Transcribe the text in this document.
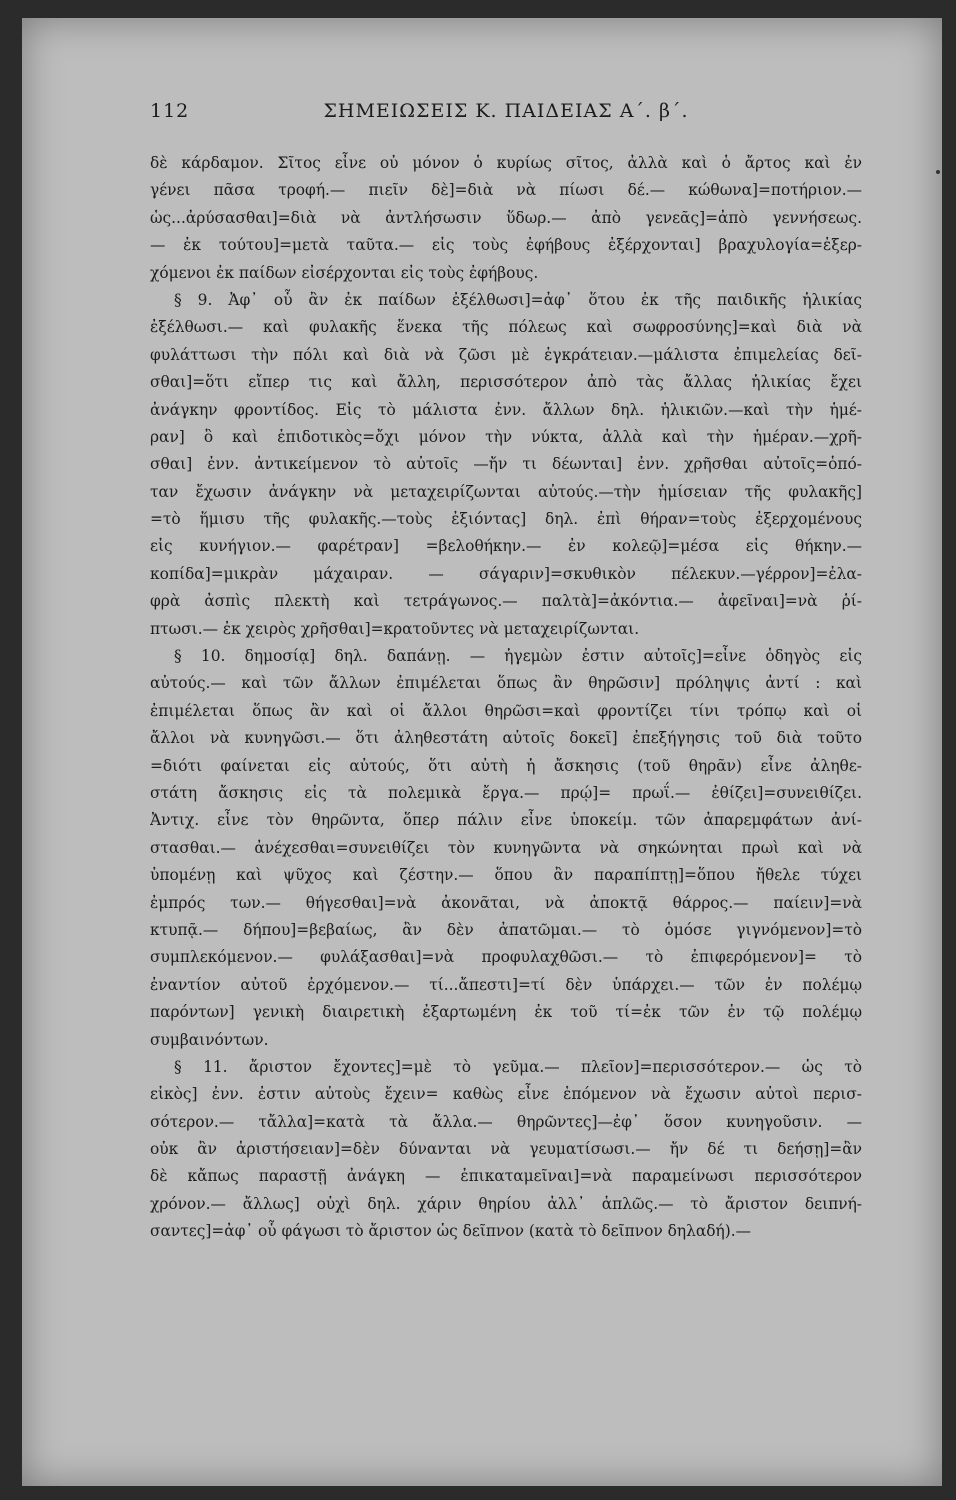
112	ΣΗΜΕΙΩΣΕΙΣ Κ. ΠΑΙΔΕΙΑΣ Α΄. β΄.
δὲ κάρδαμον. Σῖτος εἶνε οὐ μόνον ὁ κυρίως σῖτος, ἀλλὰ καὶ ὁ ἄρτος καὶ ἐν
γένει πᾶσα τροφή.— πιεῖν δὲ]=διὰ νὰ πίωσι δέ.— κώθωνα]=ποτήριον.—
ὡς...ἀρύσασθαι]=διὰ νὰ ἀντλήσωσιν ὕδωρ.— ἀπὸ γενεᾶς]=ἀπὸ γεννήσεως.
— ἐκ τούτου]=μετὰ ταῦτα.— εἰς τοὺς ἐφήβους ἐξέρχονται] βραχυλογία=ἐξερ-
χόμενοι ἐκ παίδων εἰσέρχονται εἰς τοὺς ἐφήβους.
§ 9. Ἀφ᾽ οὗ ἂν ἐκ παίδων ἐξέλθωσι]=ἀφ᾽ ὅτου ἐκ τῆς παιδικῆς ἡλικίας
ἐξέλθωσι.— καὶ φυλακῆς ἕνεκα τῆς πόλεως καὶ σωφροσύνης]=καὶ διὰ νὰ
φυλάττωσι τὴν πόλι καὶ διὰ νὰ ζῶσι μὲ ἐγκράτειαν.—μάλιστα ἐπιμελείας δεῖ-
σθαι]=ὅτι εἴπερ τις καὶ ἄλλη, περισσότερον ἀπὸ τὰς ἄλλας ἡλικίας ἔχει
ἀνάγκην φροντίδος. Εἰς τὸ μάλιστα ἐνν. ἄλλων δηλ. ἡλικιῶν.—καὶ τὴν ἡμέ-
ραν] ὃ καὶ ἐπιδοτικὸς=ὄχι μόνον τὴν νύκτα, ἀλλὰ καὶ τὴν ἡμέραν.—χρῆ-
σθαι] ἐνν. ἀντικείμενον τὸ αὐτοῖς —ἤν τι δέωνται] ἐνν. χρῆσθαι αὐτοῖς=ὁπό-
ταν ἔχωσιν ἀνάγκην νὰ μεταχειρίζωνται αὐτούς.—τὴν ἡμίσειαν τῆς φυλακῆς]
=τὸ ἥμισυ τῆς φυλακῆς.—τοὺς ἐξιόντας] δηλ. ἐπὶ θήραν=τοὺς ἐξερχομένους
εἰς κυνήγιον.— φαρέτραν] =βελοθήκην.— ἐν κολεῷ]=μέσα εἰς θήκην.—
κοπίδα]=μικρὰν μάχαιραν. — σάγαριν]=σκυθικὸν πέλεκυν.—γέρρον]=ἐλα-
φρὰ ἀσπὶς πλεκτὴ καὶ τετράγωνος.— παλτὰ]=ἀκόντια.— ἀφεῖναι]=νὰ ῥί-
πτωσι.— ἐκ χειρὸς χρῆσθαι]=κρατοῦντες νὰ μεταχειρίζωνται.
§ 10. δημοσίᾳ] δηλ. δαπάνῃ. — ἡγεμὼν ἐστιν αὐτοῖς]=εἶνε ὁδηγὸς εἰς
αὐτούς.— καὶ τῶν ἄλλων ἐπιμέλεται ὅπως ἂν θηρῶσιν] πρόληψις ἀντί : καὶ
ἐπιμέλεται ὅπως ἂν καὶ οἱ ἄλλοι θηρῶσι=καὶ φροντίζει τίνι τρόπῳ καὶ οἱ
ἄλλοι νὰ κυνηγῶσι.— ὅτι ἀληθεστάτη αὐτοῖς δοκεῖ] ἐπεξήγησις τοῦ διὰ τοῦτο
=διότι φαίνεται εἰς αὐτούς, ὅτι αὐτὴ ἡ ἄσκησις (τοῦ θηρᾶν) εἶνε ἀληθε-
στάτη ἄσκησις εἰς τὰ πολεμικὰ ἔργα.— πρῴ]= πρωΐ.— ἐθίζει]=συνειθίζει.
Ἀντιχ. εἶνε τὸν θηρῶντα, ὅπερ πάλιν εἶνε ὑποκείμ. τῶν ἀπαρεμφάτων ἀνί-
στασθαι.— ἀνέχεσθαι=συνειθίζει τὸν κυνηγῶντα νὰ σηκώνηται πρωὶ καὶ νὰ
ὑπομένῃ καὶ ψῦχος καὶ ζέστην.— ὅπου ἂν παραπίπτῃ]=ὅπου ἤθελε τύχει
ἐμπρός των.— θήγεσθαι]=νὰ ἀκονᾶται, νὰ ἀποκτᾷ θάρρος.— παίειν]=νὰ
κτυπᾷ.— δήπου]=βεβαίως, ἂν δὲν ἀπατῶμαι.— τὸ ὁμόσε γιγνόμενον]=τὸ
συμπλεκόμενον.— φυλάξασθαι]=νὰ προφυλαχθῶσι.— τὸ ἐπιφερόμενον]= τὸ
ἐναντίον αὐτοῦ ἐρχόμενον.— τί...ἄπεστι]=τί δὲν ὑπάρχει.— τῶν ἐν πολέμῳ
παρόντων] γενικὴ διαιρετικὴ ἐξαρτωμένη ἐκ τοῦ τί=ἐκ τῶν ἐν τῷ πολέμῳ
συμβαινόντων.
§ 11. ἄριστον ἔχοντες]=μὲ τὸ γεῦμα.— πλεῖον]=περισσότερον.— ὡς τὸ
εἰκὸς] ἐνν. ἐστιν αὐτοὺς ἔχειν= καθὼς εἶνε ἑπόμενον νὰ ἔχωσιν αὐτοὶ περισ-
σότερον.— τἄλλα]=κατὰ τὰ ἄλλα.— θηρῶντες]—ἐφ᾽ ὅσον κυνηγοῦσιν. —
οὐκ ἂν ἀριστήσειαν]=δὲν δύνανται νὰ γευματίσωσι.— ἤν δέ τι δεήσῃ]=ἂν
δὲ κἄπως παραστῇ ἀνάγκη — ἐπικαταμεῖναι]=νὰ παραμείνωσι περισσότερον
χρόνον.— ἄλλως] οὐχὶ δηλ. χάριν θηρίου ἀλλ᾽ ἁπλῶς.— τὸ ἄριστον δειπνή-
σαντες]=ἀφ᾽ οὗ φάγωσι τὸ ἄριστον ὡς δεῖπνον (κατὰ τὸ δεῖπνον δηλαδή).—
